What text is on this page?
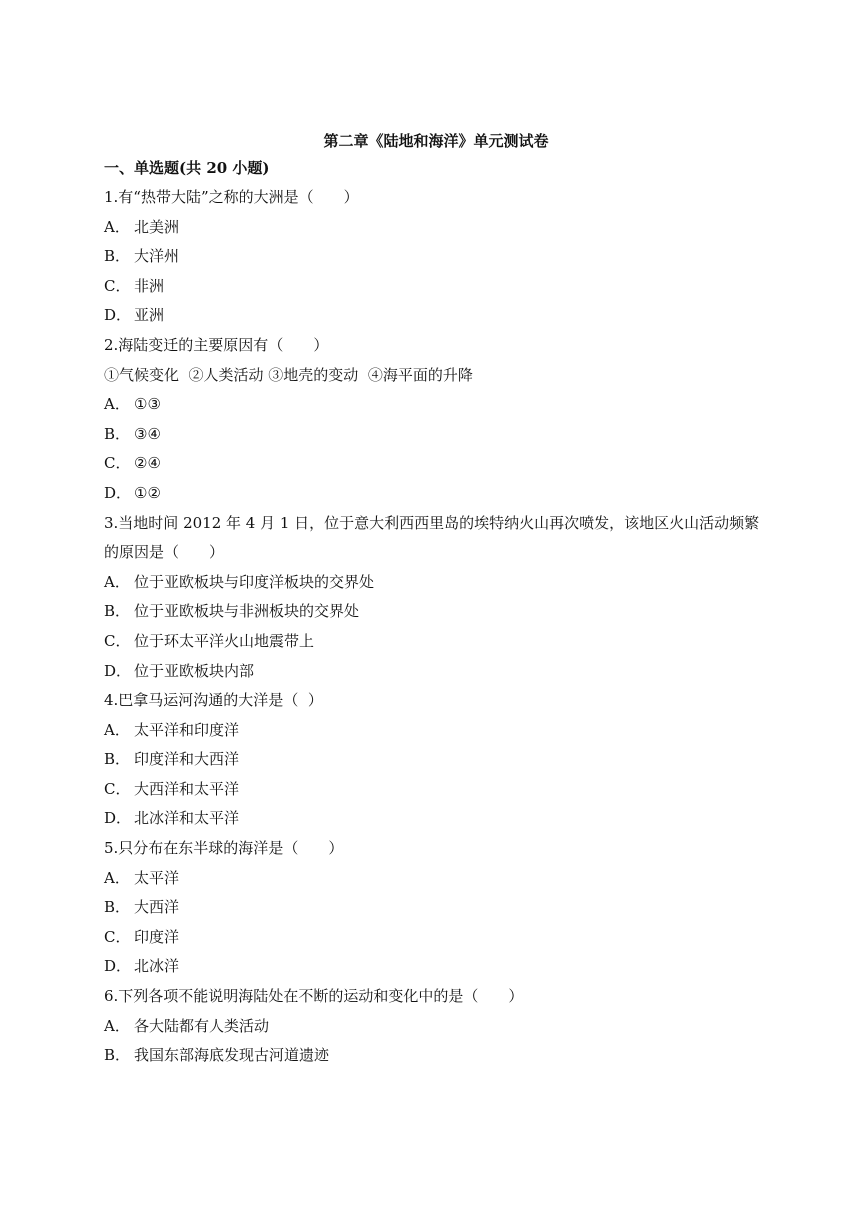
第二章《陆地和海洋》单元测试卷
一、单选题(共 20 小题)
1.有“热带大陆”之称的大洲是（　　）
A． 北美洲
B． 大洋州
C． 非洲
D． 亚洲
2.海陆变迁的主要原因有（　　）
①气候变化  ②人类活动 ③地壳的变动  ④海平面的升降
A． ①③
B． ③④
C． ②④
D． ①②
3.当地时间 2012 年 4 月 1 日，位于意大利西西里岛的埃特纳火山再次喷发，该地区火山活动频繁
的原因是（　　）
A． 位于亚欧板块与印度洋板块的交界处
B． 位于亚欧板块与非洲板块的交界处
C． 位于环太平洋火山地震带上
D． 位于亚欧板块内部
4.巴拿马运河沟通的大洋是（  ）
A． 太平洋和印度洋
B． 印度洋和大西洋
C． 大西洋和太平洋
D． 北冰洋和太平洋
5.只分布在东半球的海洋是（　　）
A． 太平洋
B． 大西洋
C． 印度洋
D． 北冰洋
6.下列各项不能说明海陆处在不断的运动和变化中的是（　　）
A． 各大陆都有人类活动
B． 我国东部海底发现古河道遗迹
